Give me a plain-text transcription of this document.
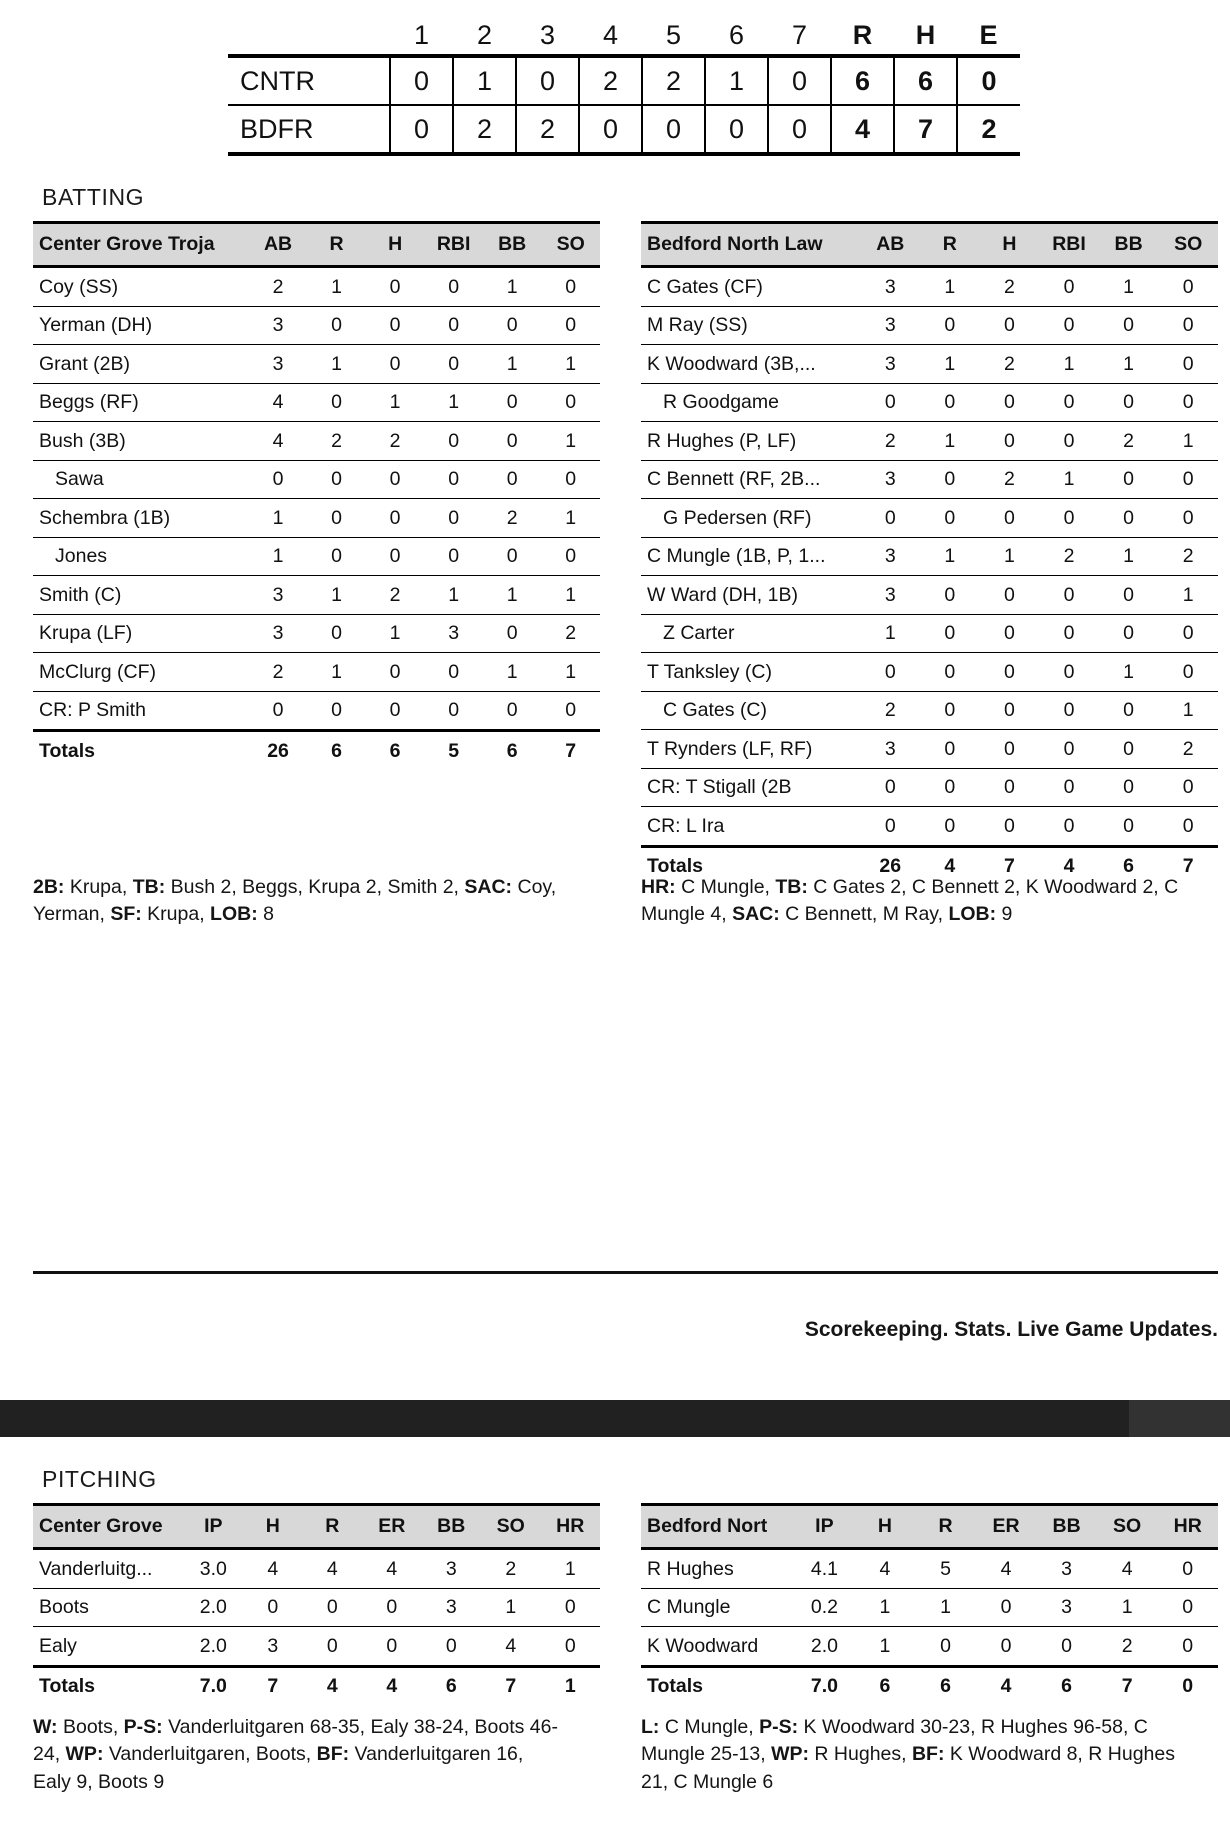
	1	2	3	4	5	6	7	R	H	E
CNTR	0	1	0	2	2	1	0	6	6	0
BDFR	0	2	2	0	0	0	0	4	7	2
BATTING
Center Grove Troja	AB	R	H	RBI	BB	SO
Coy (SS)	2	1	0	0	1	0
Yerman (DH)	3	0	0	0	0	0
Grant (2B)	3	1	0	0	1	1
Beggs (RF)	4	0	1	1	0	0
Bush (3B)	4	2	2	0	0	1
Sawa	0	0	0	0	0	0
Schembra (1B)	1	0	0	0	2	1
Jones	1	0	0	0	0	0
Smith (C)	3	1	2	1	1	1
Krupa (LF)	3	0	1	3	0	2
McClurg (CF)	2	1	0	0	1	1
CR: P Smith	0	0	0	0	0	0
Totals	26	6	6	5	6	7
Bedford North Law	AB	R	H	RBI	BB	SO
C Gates (CF)	3	1	2	0	1	0
M Ray (SS)	3	0	0	0	0	0
K Woodward (3B,...	3	1	2	1	1	0
R Goodgame	0	0	0	0	0	0
R Hughes (P, LF)	2	1	0	0	2	1
C Bennett (RF, 2B...	3	0	2	1	0	0
G Pedersen (RF)	0	0	0	0	0	0
C Mungle (1B, P, 1...	3	1	1	2	1	2
W Ward (DH, 1B)	3	0	0	0	0	1
Z Carter	1	0	0	0	0	0
T Tanksley (C)	0	0	0	0	1	0
C Gates (C)	2	0	0	0	0	1
T Rynders (LF, RF)	3	0	0	0	0	2
CR: T Stigall (2B	0	0	0	0	0	0
CR: L Ira	0	0	0	0	0	0
Totals	26	4	7	4	6	7

2B: Krupa, TB: Bush 2, Beggs, Krupa 2, Smith 2, SAC: Coy, Yerman, SF: Krupa, LOB: 8

HR: C Mungle, TB: C Gates 2, C Bennett 2, K Woodward 2, C Mungle 4, SAC: C Bennett, M Ray, LOB: 9

Scorekeeping. Stats. Live Game Updates.
PITCHING
Center Grove	IP	H	R	ER	BB	SO	HR
Vanderluitg...	3.0	4	4	4	3	2	1
Boots	2.0	0	0	0	3	1	0
Ealy	2.0	3	0	0	0	4	0
Totals	7.0	7	4	4	6	7	1
Bedford Nort	IP	H	R	ER	BB	SO	HR
R Hughes	4.1	4	5	4	3	4	0
C Mungle	0.2	1	1	0	3	1	0
K Woodward	2.0	1	0	0	0	2	0
Totals	7.0	6	6	4	6	7	0

W: Boots, P-S: Vanderluitgaren 68-35, Ealy 38-24, Boots 46-24, WP: Vanderluitgaren, Boots, BF: Vanderluitgaren 16, Ealy 9, Boots 9

L: C Mungle, P-S: K Woodward 30-23, R Hughes 96-58, C Mungle 25-13, WP: R Hughes, BF: K Woodward 8, R Hughes 21, C Mungle 6
